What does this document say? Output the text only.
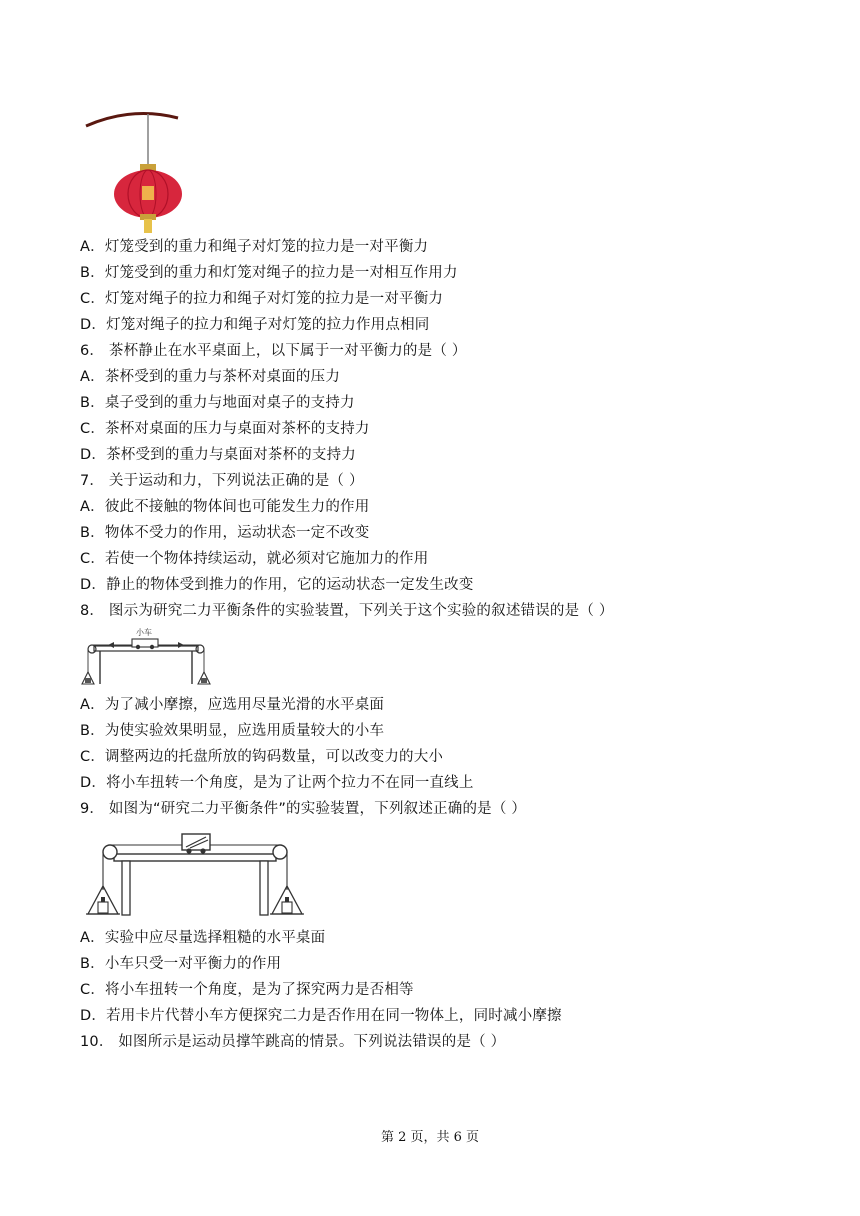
A．灯笼受到的重力和绳子对灯笼的拉力是一对平衡力
B．灯笼受到的重力和灯笼对绳子的拉力是一对相互作用力
C．灯笼对绳子的拉力和绳子对灯笼的拉力是一对平衡力
D．灯笼对绳子的拉力和绳子对灯笼的拉力作用点相同
6． 茶杯静止在水平桌面上，以下属于一对平衡力的是（ ）
A．茶杯受到的重力与茶杯对桌面的压力
B．桌子受到的重力与地面对桌子的支持力
C．茶杯对桌面的压力与桌面对茶杯的支持力
D．茶杯受到的重力与桌面对茶杯的支持力
7． 关于运动和力，下列说法正确的是（ ）
A．彼此不接触的物体间也可能发生力的作用
B．物体不受力的作用，运动状态一定不改变
C．若使一个物体持续运动，就必须对它施加力的作用
D．静止的物体受到推力的作用，它的运动状态一定发生改变
8． 图示为研究二力平衡条件的实验装置，下列关于这个实验的叙述错误的是（ ）
小车
A．为了减小摩擦，应选用尽量光滑的水平桌面
B．为使实验效果明显，应选用质量较大的小车
C．调整两边的托盘所放的钩码数量，可以改变力的大小
D．将小车扭转一个角度，是为了让两个拉力不在同一直线上
9． 如图为“研究二力平衡条件”的实验装置，下列叙述正确的是（ ）
A．实验中应尽量选择粗糙的水平桌面
B．小车只受一对平衡力的作用
C．将小车扭转一个角度，是为了探究两力是否相等
D．若用卡片代替小车方便探究二力是否作用在同一物体上，同时减小摩擦
10． 如图所示是运动员撑竿跳高的情景。下列说法错误的是（ ）
第 2 页，共 6 页
